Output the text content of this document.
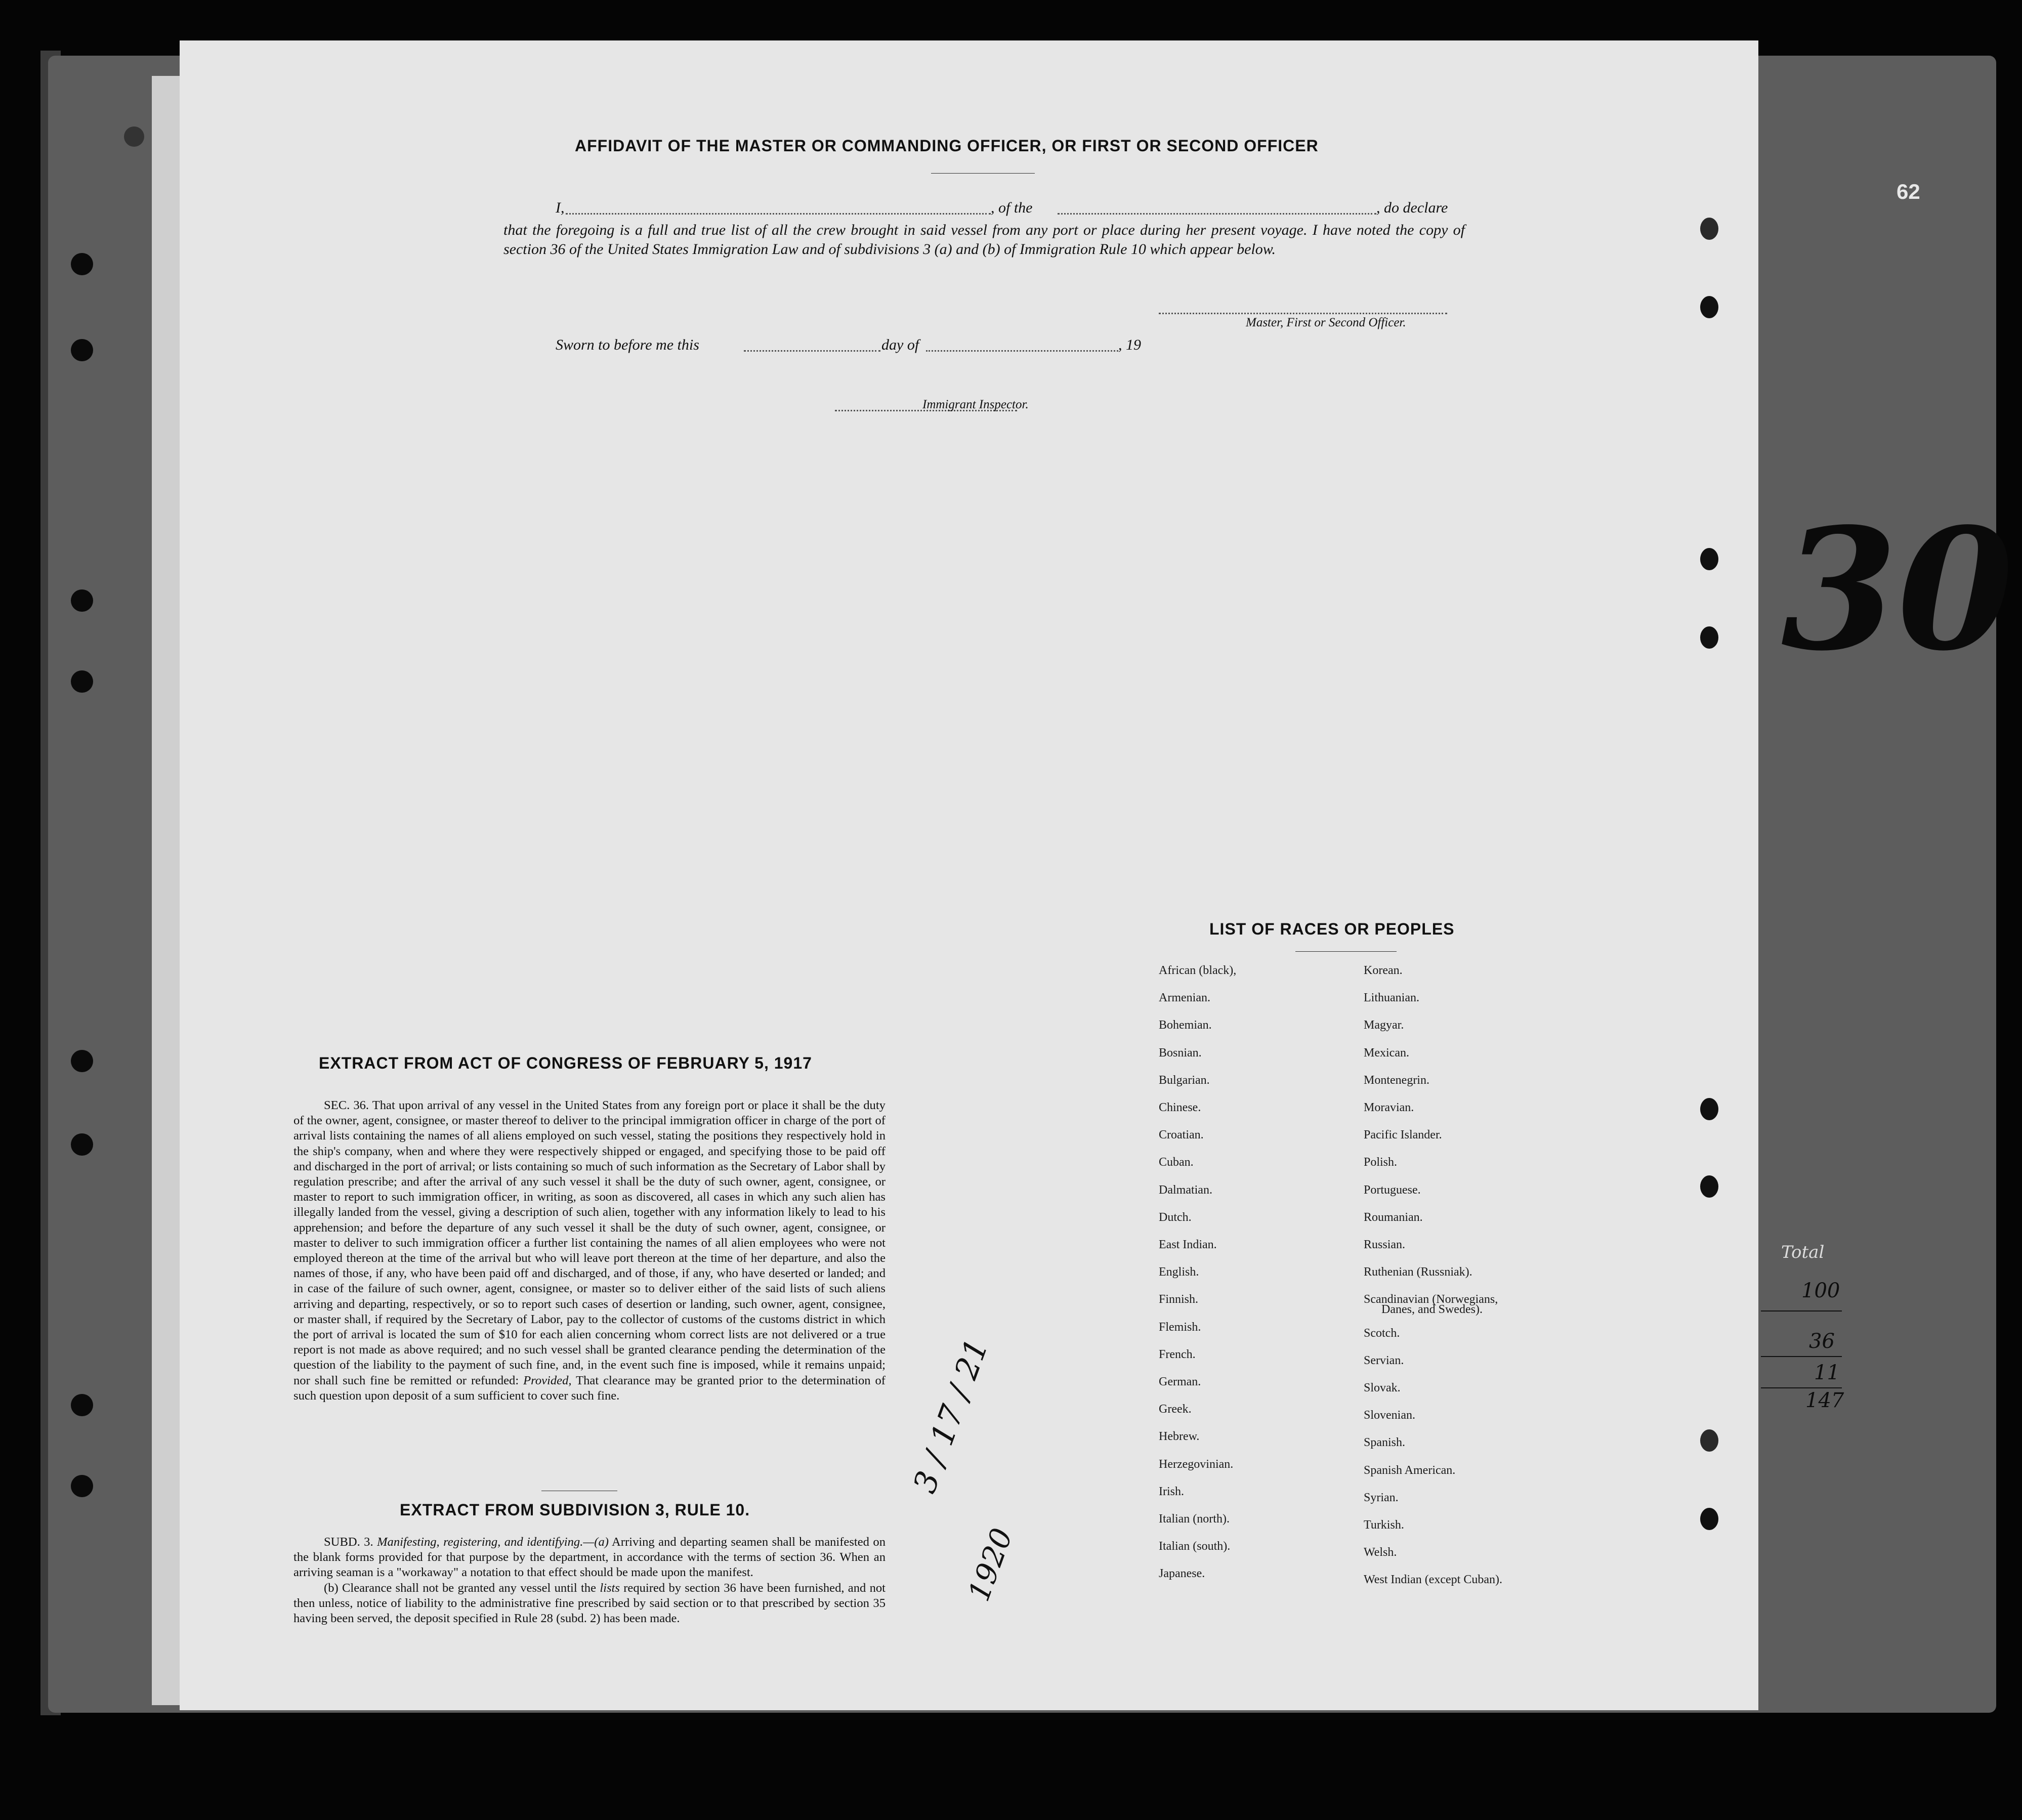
62
Total
100
36
11
147
30
AFFIDAVIT OF THE MASTER OR COMMANDING OFFICER, OR FIRST OR SECOND OFFICER
I,	, of the	, do declare
that the foregoing is a full and true list of all the crew brought in said vessel from any port or place during her present voyage. I have noted the copy of section 36 of the United States Immigration Law and of subdivisions 3 (a) and (b) of Immigration Rule 10 which appear below.
Master, First or Second Officer.
Sworn to before me this	day of	, 19
Immigrant Inspector.
LIST OF RACES OR PEOPLES
African (black),
Armenian.
Bohemian.
Bosnian.
Bulgarian.
Chinese.
Croatian.
Cuban.
Dalmatian.
Dutch.
East Indian.
English.
Finnish.
Flemish.
French.
German.
Greek.
Hebrew.
Herzegovinian.
Irish.
Italian (north).
Italian (south).
Japanese.
Korean.
Lithuanian.
Magyar.
Mexican.
Montenegrin.
Moravian.
Pacific Islander.
Polish.
Portuguese.
Roumanian.
Russian.
Ruthenian (Russniak).
Scandinavian (Norwegians,
Scotch.
Servian.
Slovak.
Slovenian.
Spanish.
Spanish American.
Syrian.
Turkish.
Welsh.
West Indian (except Cuban).
Danes, and Swedes).
EXTRACT FROM ACT OF CONGRESS OF FEBRUARY 5, 1917
SEC. 36. That upon arrival of any vessel in the United States from any foreign port or place it shall be the duty of the owner, agent, consignee, or master thereof to deliver to the principal immigration officer in charge of the port of arrival lists containing the names of all aliens employed on such vessel, stating the positions they respectively hold in the ship's company, when and where they were respectively shipped or engaged, and specifying those to be paid off and discharged in the port of arrival; or lists containing so much of such information as the Secretary of Labor shall by regulation prescribe; and after the arrival of any such vessel it shall be the duty of such owner, agent, consignee, or master to report to such immigration officer, in writing, as soon as discovered, all cases in which any such alien has illegally landed from the vessel, giving a description of such alien, together with any information likely to lead to his apprehension; and before the departure of any such vessel it shall be the duty of such owner, agent, consignee, or master to deliver to such immigration officer a further list containing the names of all alien employees who were not employed thereon at the time of the arrival but who will leave port thereon at the time of her departure, and also the names of those, if any, who have been paid off and discharged, and of those, if any, who have deserted or landed; and in case of the failure of such owner, agent, consignee, or master so to deliver either of the said lists of such aliens arriving and departing, respectively, or so to report such cases of desertion or landing, such owner, agent, consignee, or master shall, if required by the Secretary of Labor, pay to the collector of customs of the customs district in which the port of arrival is located the sum of $10 for each alien concerning whom correct lists are not delivered or a true report is not made as above required; and no such vessel shall be granted clearance pending the determination of the question of the liability to the payment of such fine, and, in the event such fine is imposed, while it remains unpaid; nor shall such fine be remitted or refunded: Provided, That clearance may be granted prior to the determination of such question upon deposit of a sum sufficient to cover such fine.
EXTRACT FROM SUBDIVISION 3, RULE 10.
SUBD. 3. Manifesting, registering, and identifying.—(a) Arriving and departing seamen shall be manifested on the blank forms provided for that purpose by the department, in accordance with the terms of section 36. When an arriving seaman is a "workaway" a notation to that effect should be made upon the manifest.
(b) Clearance shall not be granted any vessel until the lists required by section 36 have been furnished, and not then unless, notice of liability to the administrative fine prescribed by said section or to that prescribed by section 35 having been served, the deposit specified in Rule 28 (subd. 2) has been made.
3 / 17 / 21
1920
